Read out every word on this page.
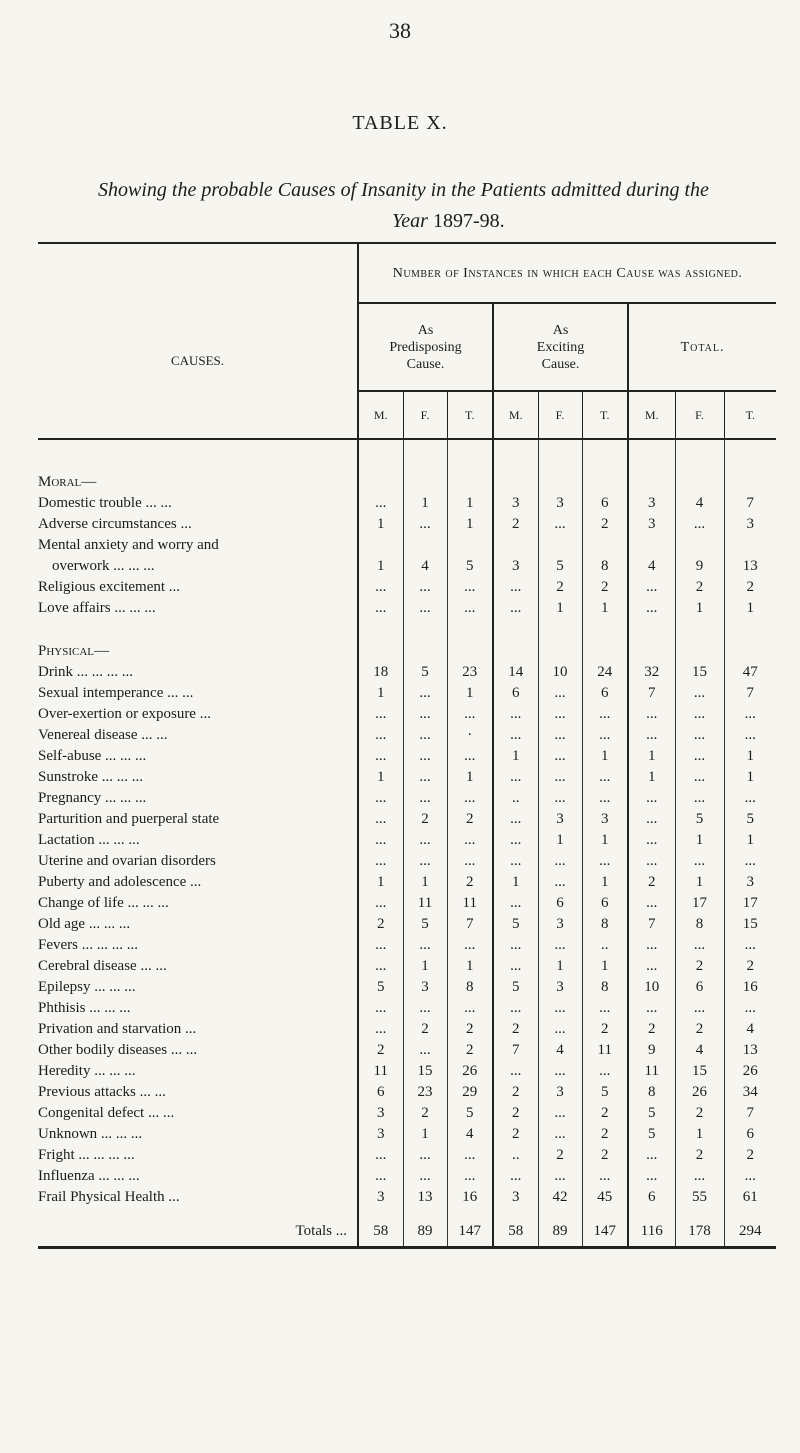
38
TABLE X.
Showing the probable Causes of Insanity in the Patients admitted during the
Year 1897-98.
CAUSES.	Number of Instances in which each Cause was assigned.								
	As Predisposing Cause.			As Exciting Cause.			Total.		
	M.	F.	T.	M.	F.	T.	M.	F.	T.

Moral—									
Domestic trouble ... ...	...	1	1	3	3	6	3	4	7
Adverse circumstances ...	1	...	1	2	...	2	3	...	3
Mental anxiety and worry and									
overwork ... ... ...	1	4	5	3	5	8	4	9	13
Religious excitement ...	...	...	...	...	2	2	...	2	2
Love affairs ... ... ...	...	...	...	...	1	1	...	1	1

Physical—									
Drink ... ... ... ...	18	5	23	14	10	24	32	15	47
Sexual intemperance ... ...	1	...	1	6	...	6	7	...	7
Over-exertion or exposure ...	...	...	...	...	...	...	...	...	...
Venereal disease ... ...	...	...	·	...	...	...	...	...	...
Self-abuse ... ... ...	...	...	...	1	...	1	1	...	1
Sunstroke ... ... ...	1	...	1	...	...	...	1	...	1
Pregnancy ... ... ...	...	...	...	..	...	...	...	...	...
Parturition and puerperal state	...	2	2	...	3	3	...	5	5
Lactation ... ... ...	...	...	...	...	1	1	...	1	1
Uterine and ovarian disorders	...	...	...	...	...	...	...	...	...
Puberty and adolescence ...	1	1	2	1	...	1	2	1	3
Change of life ... ... ...	...	11	11	...	6	6	...	17	17
Old age ... ... ...	2	5	7	5	3	8	7	8	15
Fevers ... ... ... ...	...	...	...	...	...	..	...	...	...
Cerebral disease ... ...	...	1	1	...	1	1	...	2	2
Epilepsy ... ... ...	5	3	8	5	3	8	10	6	16
Phthisis ... ... ...	...	...	...	...	...	...	...	...	...
Privation and starvation ...	...	2	2	2	...	2	2	2	4
Other bodily diseases ... ...	2	...	2	7	4	11	9	4	13
Heredity ... ... ...	11	15	26	...	...	...	11	15	26
Previous attacks ... ...	6	23	29	2	3	5	8	26	34
Congenital defect ... ...	3	2	5	2	...	2	5	2	7
Unknown ... ... ...	3	1	4	2	...	2	5	1	6
Fright ... ... ... ...	...	...	...	..	2	2	...	2	2
Influenza ... ... ...	...	...	...	...	...	...	...	...	...
Frail Physical Health ...	3	13	16	3	42	45	6	55	61
Totals ...	58	89	147	58	89	147	116	178	294
